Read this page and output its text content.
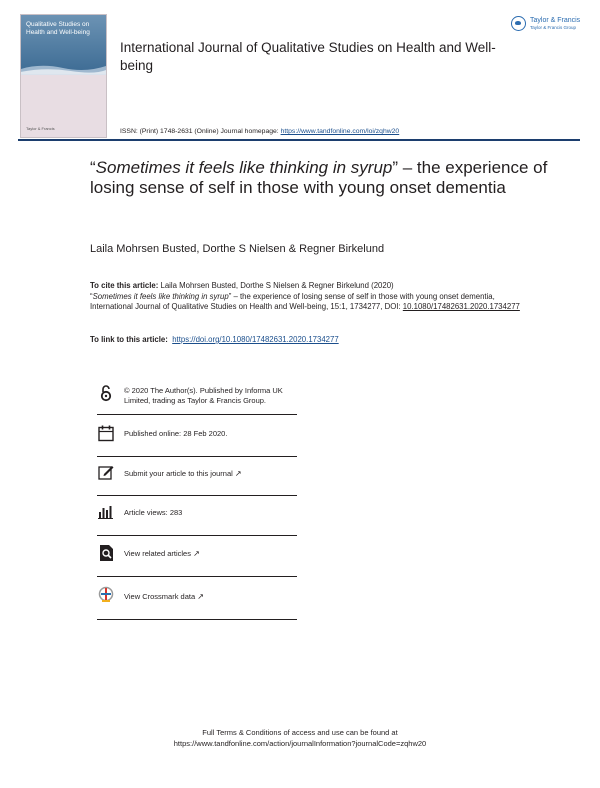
Qualitative Studies on Health and Well-being
Taylor & Francis
International Journal of Qualitative Studies on Health and Well-being
Taylor & Francis
Taylor & Francis Group
ISSN: (Print) 1748-2631 (Online) Journal homepage: https://www.tandfonline.com/loi/zqhw20
“Sometimes it feels like thinking in syrup” – the experience of losing sense of self in those with young onset dementia
Laila Mohrsen Busted, Dorthe S Nielsen & Regner Birkelund
To cite this article: Laila Mohrsen Busted, Dorthe S Nielsen & Regner Birkelund (2020)
“Sometimes it feels like thinking in syrup” – the experience of losing sense of self in those with young onset dementia, International Journal of Qualitative Studies on Health and Well-being, 15:1, 1734277, DOI: 10.1080/17482631.2020.1734277
To link to this article: https://doi.org/10.1080/17482631.2020.1734277
© 2020 The Author(s). Published by Informa UK Limited, trading as Taylor & Francis Group.
Published online: 28 Feb 2020.
Submit your article to this journal ↗
Article views: 283
View related articles ↗
View Crossmark data ↗
Full Terms & Conditions of access and use can be found at
https://www.tandfonline.com/action/journalInformation?journalCode=zqhw20
